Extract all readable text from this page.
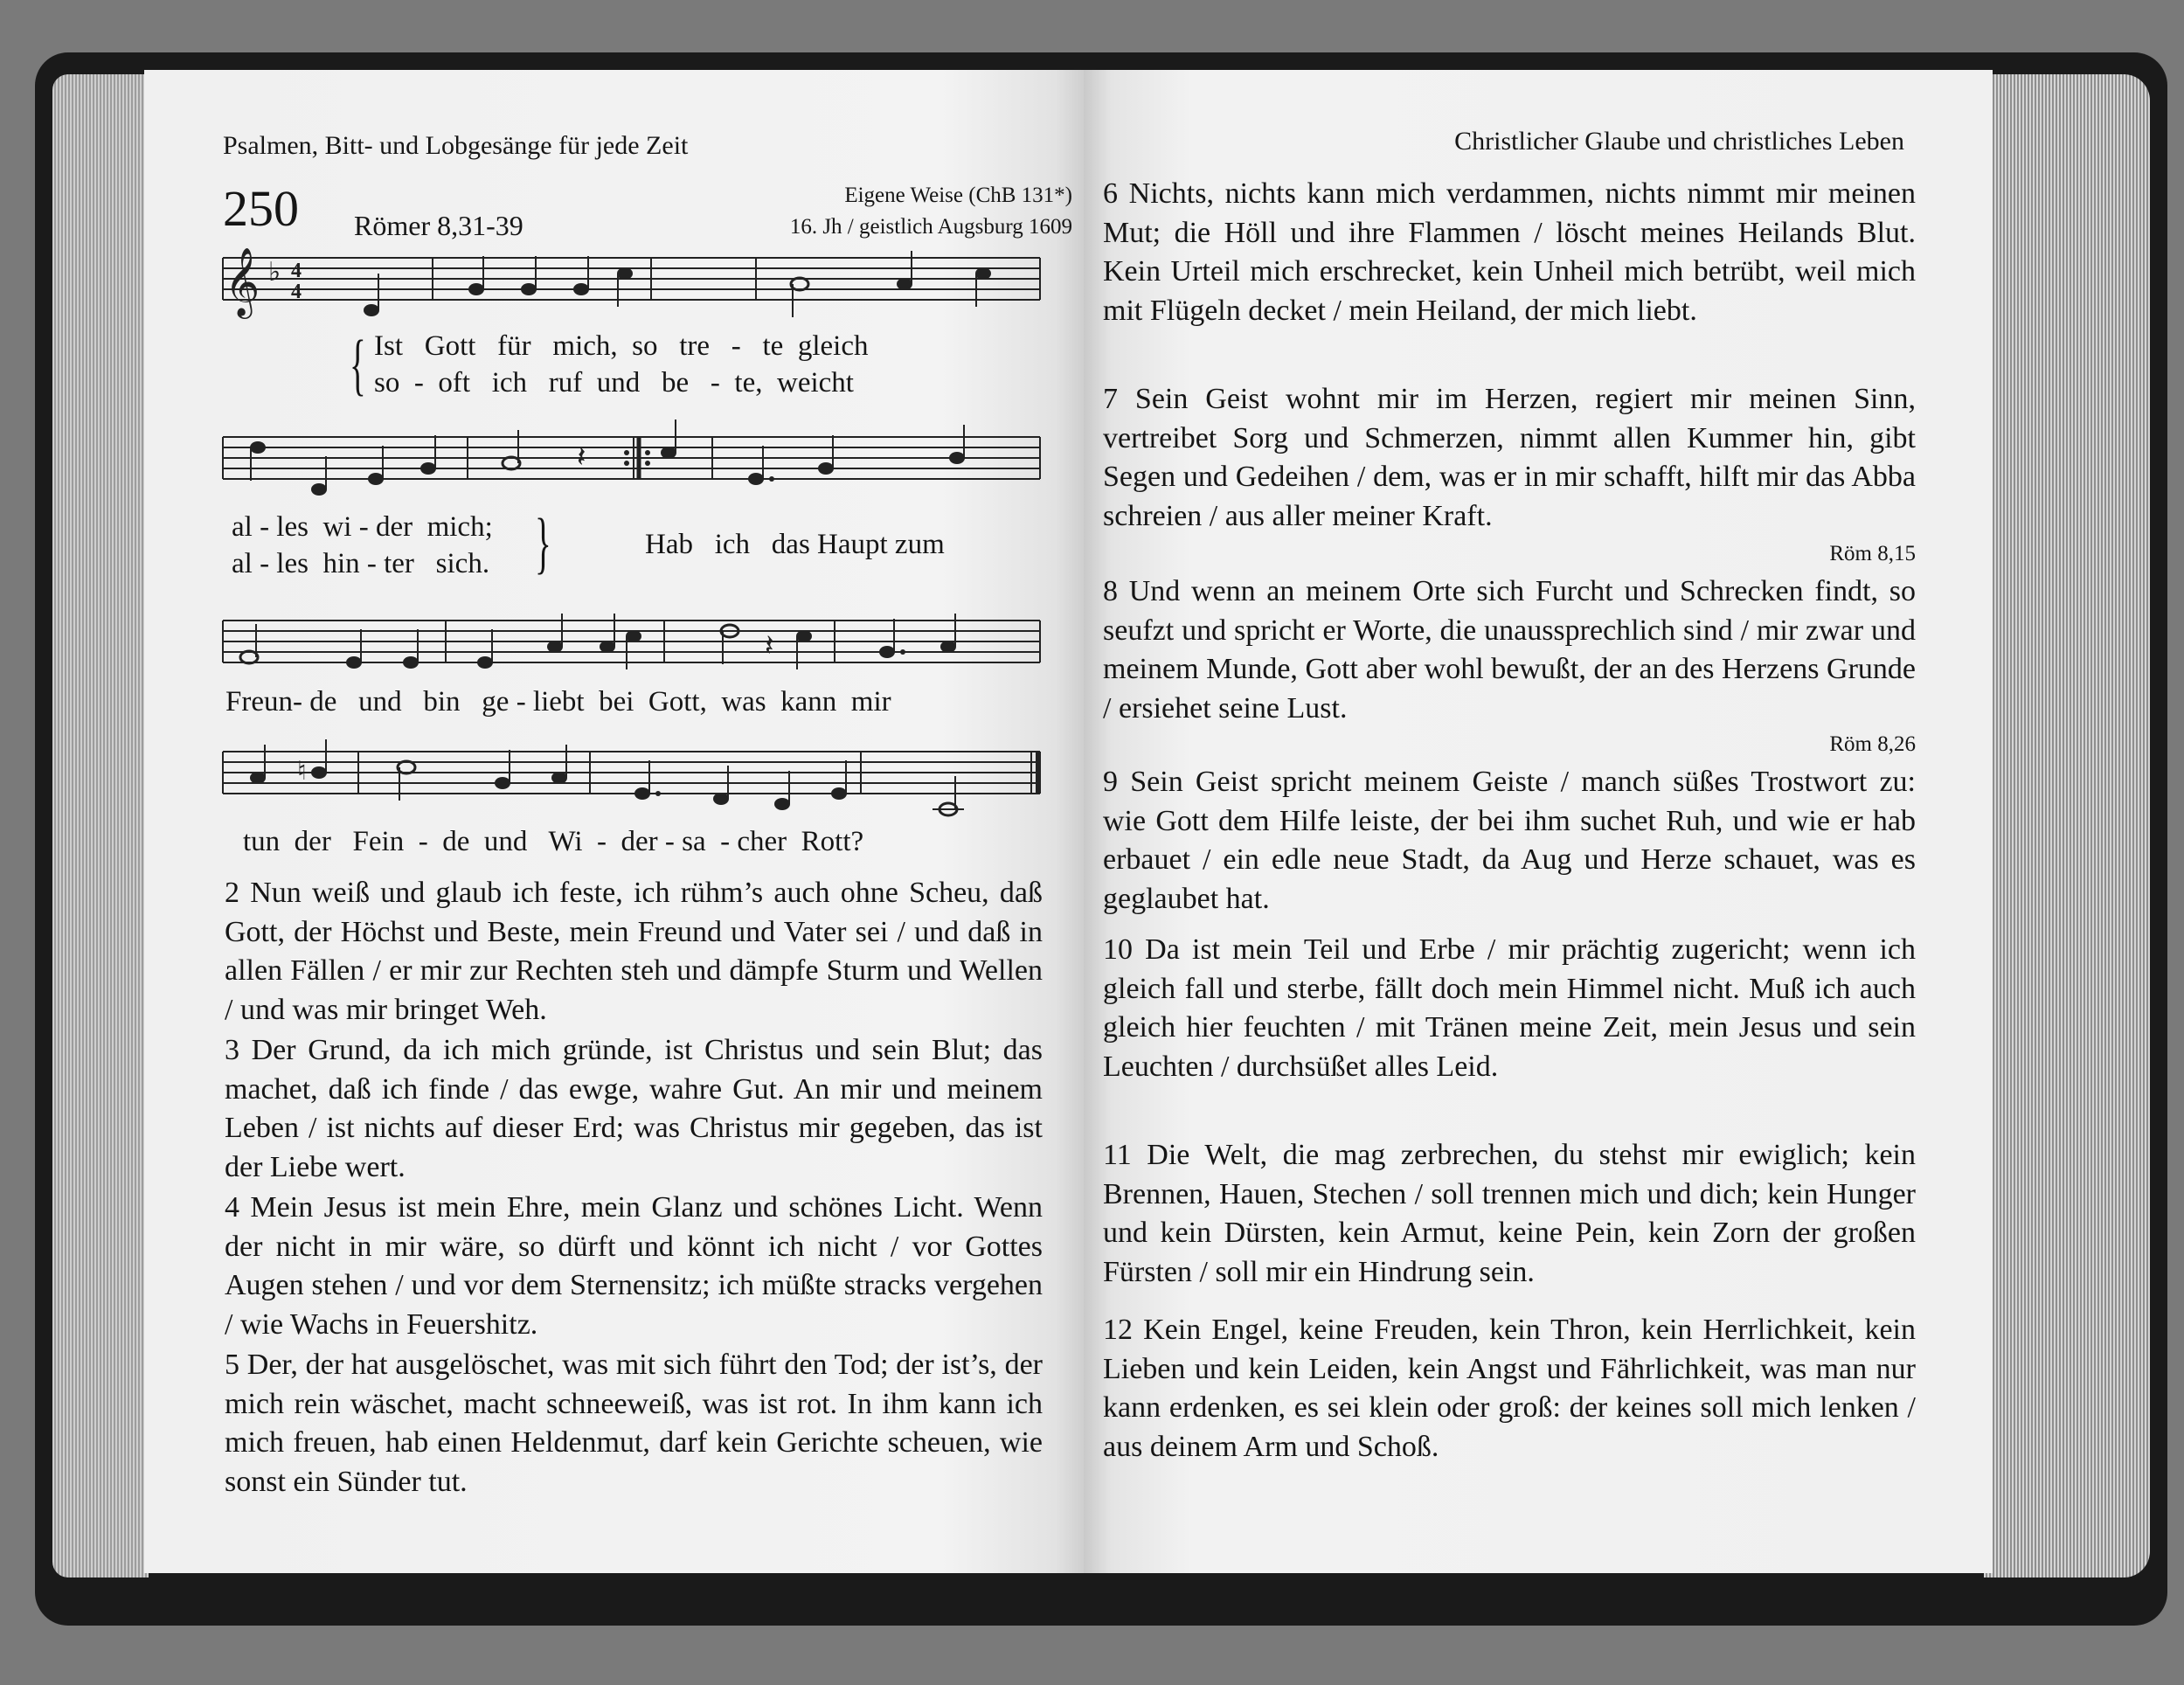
Psalmen, Bitt- und Lobgesänge für jede Zeit
250 Römer 8,31-39
Eigene Weise (ChB 131*)
16. Jh / geistlich Augsburg 1609
𝄞 ♭ 4
4
{ Ist   Gott   für   mich,  so   tre   -   te  gleich
so  -  oft   ich   ruf  und   be   -  te,  weicht
𝄽
al - les  wi - der  mich;
al - les  hin - ter   sich. }	Hab   ich   das Haupt zum
𝄽
Freun- de   und   bin   ge - liebt  bei  Gott,  was  kann  mir
♮
tun  der   Fein  -  de  und   Wi  -  der - sa  - cher  Rott?

2 Nun weiß und glaub ich feste, ich rühm’s auch ohne Scheu, daß Gott, der Höchst und Beste, mein Freund und Vater sei / und daß in allen Fällen / er mir zur Rechten steh und dämpfe Sturm und Wellen / und was mir bringet Weh.

3 Der Grund, da ich mich gründe, ist Christus und sein Blut; das machet, daß ich finde / das ewge, wahre Gut. An mir und meinem Leben / ist nichts auf dieser Erd; was Christus mir gegeben, das ist der Liebe wert.

4 Mein Jesus ist mein Ehre, mein Glanz und schönes Licht. Wenn der nicht in mir wäre, so dürft und könnt ich nicht / vor Gottes Augen stehen / und vor dem Sternensitz; ich müßte stracks vergehen / wie Wachs in Feuershitz.

5 Der, der hat ausgelöschet, was mit sich führt den Tod; der ist’s, der mich rein wäschet, macht schneeweiß, was ist rot. In ihm kann ich mich freuen, hab einen Heldenmut, darf kein Gerichte scheuen, wie sonst ein Sünder tut.

Christlicher Glaube und christliches Leben

6 Nichts, nichts kann mich verdammen, nichts nimmt mir meinen Mut; die Höll und ihre Flammen / löscht meines Heilands Blut. Kein Urteil mich erschrecket, kein Unheil mich betrübt, weil mich mit Flügeln decket / mein Heiland, der mich liebt.

7 Sein Geist wohnt mir im Herzen, regiert mir meinen Sinn, vertreibet Sorg und Schmerzen, nimmt allen Kummer hin, gibt Segen und Gedeihen / dem, was er in mir schafft, hilft mir das Abba schreien / aus aller meiner Kraft.

Röm 8,15

8 Und wenn an meinem Orte sich Furcht und Schrecken findt, so seufzt und spricht er Worte, die unaussprechlich sind / mir zwar und meinem Munde, Gott aber wohl bewußt, der an des Herzens Grunde / ersiehet seine Lust.

Röm 8,26

9 Sein Geist spricht meinem Geiste / manch süßes Trostwort zu: wie Gott dem Hilfe leiste, der bei ihm suchet Ruh, und wie er hab erbauet / ein edle neue Stadt, da Aug und Herze schauet, was es geglaubet hat.

10 Da ist mein Teil und Erbe / mir prächtig zugericht; wenn ich gleich fall und sterbe, fällt doch mein Himmel nicht. Muß ich auch gleich hier feuchten / mit Tränen meine Zeit, mein Jesus und sein Leuchten / durchsüßet alles Leid.

11 Die Welt, die mag zerbrechen, du stehst mir ewiglich; kein Brennen, Hauen, Stechen / soll trennen mich und dich; kein Hunger und kein Dürsten, kein Armut, keine Pein, kein Zorn der großen Fürsten / soll mir ein Hindrung sein.

12 Kein Engel, keine Freuden, kein Thron, kein Herrlichkeit, kein Lieben und kein Leiden, kein Angst und Fährlichkeit, was man nur kann erdenken, es sei klein oder groß: der keines soll mich lenken / aus deinem Arm und Schoß.
